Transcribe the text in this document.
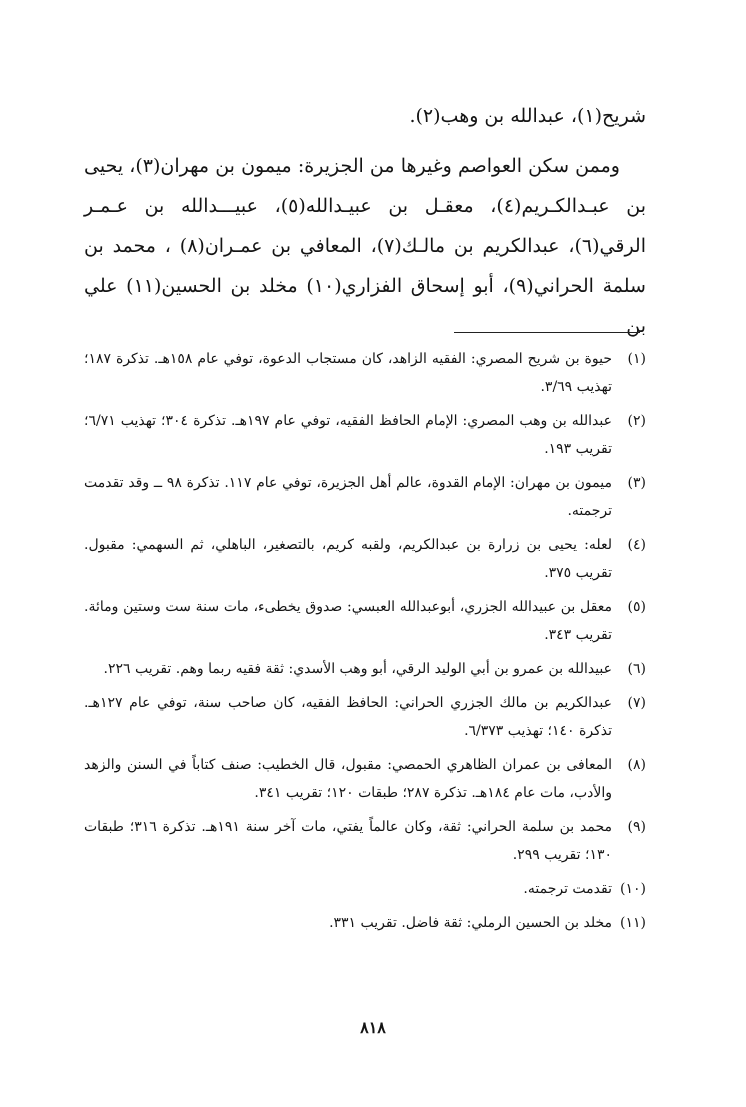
شريح(١)، عبدالله بن وهب(٢).

وممن سكن العواصم وغيرها من الجزيرة: ميمون بن مهران(٣)، يحيى بن عبـدالكـريم(٤)، معقـل بن عبيـدالله(٥)، عبيـــدالله بن عـمـر الرقي(٦)، عبدالكريم بن مالـك(٧)، المعافي بن عمـران(٨) ، محمد بن سلمة الحراني(٩)، أبو إسحاق الفزاري(١٠) مخلد بن الحسين(١١) علي بن

(١)
حيوة بن شريح المصري: الفقيه الزاهد، كان مستجاب الدعوة، توفي عام ١٥٨هـ. تذكرة ١٨٧؛ تهذيب ٣/٦٩.
(٢)
عبدالله بن وهب المصري: الإمام الحافظ الفقيه، توفي عام ١٩٧هـ. تذكرة ٣٠٤؛ تهذيب ٦/٧١؛ تقريب ١٩٣.
(٣)
ميمون بن مهران: الإمام القدوة، عالم أهل الجزيرة، توفي عام ١١٧. تذكرة ٩٨ ــ وقد تقدمت ترجمته.
(٤)
لعله: يحيى بن زرارة بن عبدالكريم، ولقبه كريم، بالتصغير، الباهلي، ثم السهمي: مقبول. تقريب ٣٧٥.
(٥)
معقل بن عبيدالله الجزري، أبوعبدالله العبسي: صدوق يخطىء، مات سنة ست وستين ومائة. تقريب ٣٤٣.
(٦)
عبيدالله بن عمرو بن أبي الوليد الرقي، أبو وهب الأسدي: ثقة فقيه ربما وهم. تقريب ٢٢٦.
(٧)
عبدالكريم بن مالك الجزري الحراني: الحافظ الفقيه، كان صاحب سنة، توفي عام ١٢٧هـ. تذكرة ١٤٠؛ تهذيب ٦/٣٧٣.
(٨)
المعافى بن عمران الظاهري الحمصي: مقبول، قال الخطيب: صنف كتاباً في السنن والزهد والأدب، مات عام ١٨٤هـ. تذكرة ٢٨٧؛ طبقات ١٢٠؛ تقريب ٣٤١.
(٩)
محمد بن سلمة الحراني: ثقة، وكان عالماً يفتي، مات آخر سنة ١٩١هـ. تذكرة ٣١٦؛ طبقات ١٣٠؛ تقريب ٢٩٩.
(١٠)
تقدمت ترجمته.
(١١)
مخلد بن الحسين الرملي: ثقة فاضل. تقريب ٣٣١.
٨١٨
